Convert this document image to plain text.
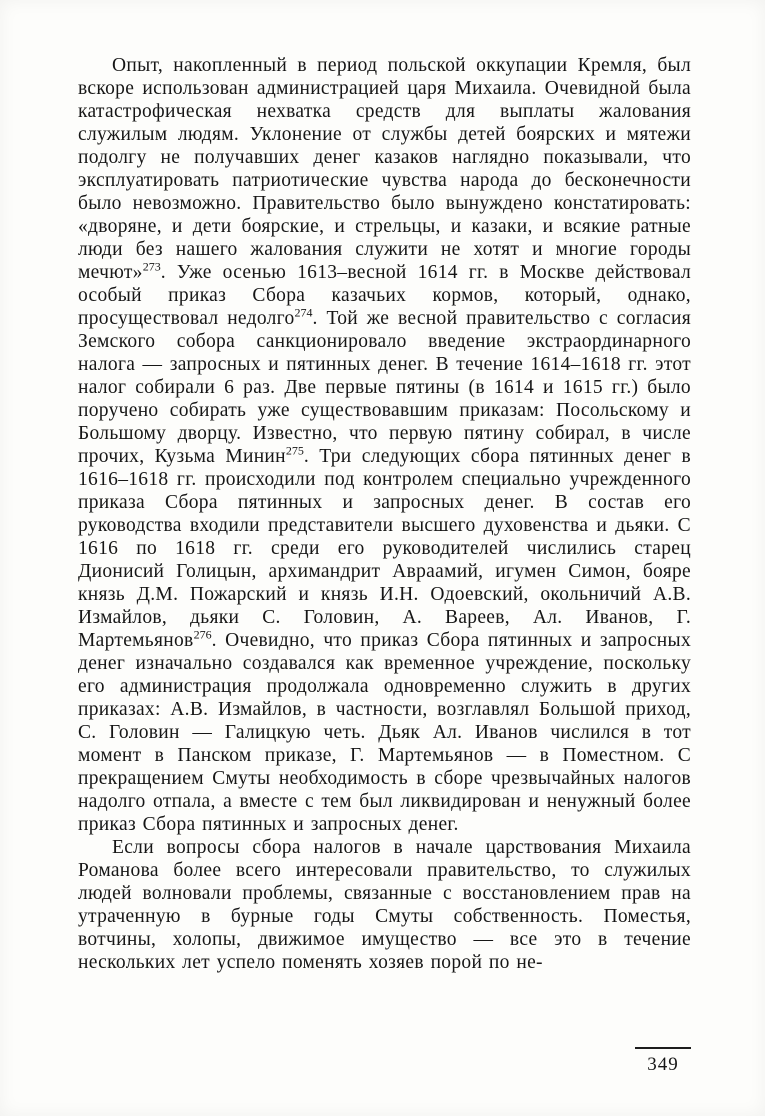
Опыт, накопленный в период польской оккупации Кремля, был вскоре использован администрацией царя Михаила. Очевидной была катастрофическая нехватка средств для выплаты жалования служилым людям. Уклонение от службы детей боярских и мятежи подолгу не получавших денег казаков наглядно показывали, что эксплуатировать патриотические чувства народа до бесконечности было невозможно. Правительство было вынуждено констатировать: «дворяне, и дети боярские, и стрельцы, и казаки, и всякие ратные люди без нашего жалования служити не хотят и многие городы мечют»$^{273}$. Уже осенью 1613–весной 1614 гг. в Москве действовал особый приказ Сбора казачьих кормов, который, однако, просуществовал недолго$^{274}$. Той же весной правительство с согласия Земского собора санкционировало введение экстраординарного налога — запросных и пятинных денег. В течение 1614–1618 гг. этот налог собирали 6 раз. Две первые пятины (в 1614 и 1615 гг.) было поручено собирать уже существовавшим приказам: Посольскому и Большому дворцу. Известно, что первую пятину собирал, в числе прочих, Кузьма Минин$^{275}$. Три следующих сбора пятинных денег в 1616–1618 гг. происходили под контролем специально учрежденного приказа Сбора пятинных и запросных денег. В состав его руководства входили представители высшего духовенства и дьяки. С 1616 по 1618 гг. среди его руководителей числились старец Дионисий Голицын, архимандрит Авраамий, игумен Симон, бояре князь Д.М. Пожарский и князь И.Н. Одоевский, окольничий А.В. Измайлов, дьяки С. Головин, А. Вареев, Ал. Иванов, Г. Мартемьянов$^{276}$. Очевидно, что приказ Сбора пятинных и запросных денег изначально создавался как временное учреждение, поскольку его администрация продолжала одновременно служить в других приказах: А.В. Измайлов, в частности, возглавлял Большой приход, С. Головин — Галицкую четь. Дьяк Ал. Иванов числился в тот момент в Панском приказе, Г. Мартемьянов — в Поместном. С прекращением Смуты необходимость в сборе чрезвычайных налогов надолго отпала, а вместе с тем был ликвидирован и ненужный более приказ Сбора пятинных и запросных денег.

Если вопросы сбора налогов в начале царствования Михаила Романова более всего интересовали правительство, то служилых людей волновали проблемы, связанные с восстановлением прав на утраченную в бурные годы Смуты собственность. Поместья, вотчины, холопы, движимое имущество — все это в течение нескольких лет успело поменять хозяев порой по не-

349
